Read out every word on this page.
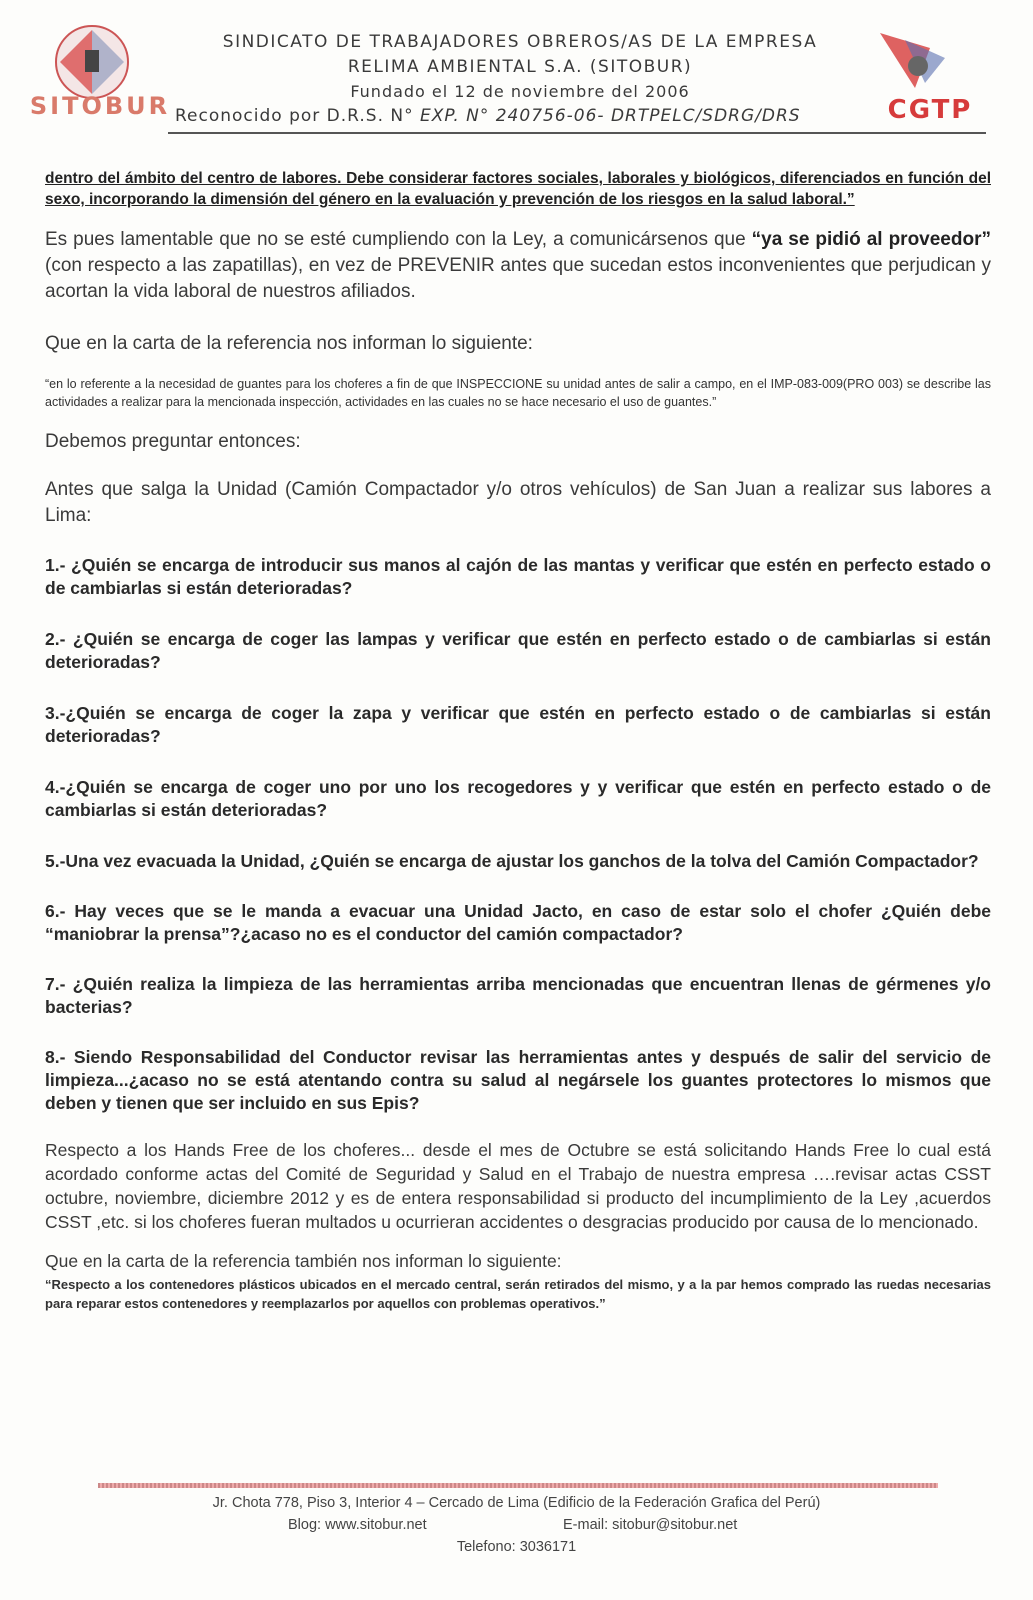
SITOBUR
SINDICATO DE TRABAJADORES OBREROS/AS DE LA EMPRESA
RELIMA AMBIENTAL S.A. (SITOBUR)
Fundado el 12 de noviembre del 2006
Reconocido por D.R.S. N° EXP. N° 240756-06- DRTPELC/SDRG/DRS	CGTP
dentro del ámbito del centro de labores. Debe considerar factores sociales, laborales y biológicos, diferenciados en función del sexo, incorporando la dimensión del género en la evaluación y prevención de los riesgos en la salud laboral.”
Es pues lamentable que no se esté cumpliendo con la Ley, a comunicársenos que “ya se pidió al proveedor” (con respecto a las zapatillas), en vez de PREVENIR antes que sucedan estos inconvenientes que perjudican y acortan la vida laboral de nuestros afiliados.
Que en la carta de la referencia nos informan lo siguiente:
“en lo referente a la necesidad de guantes para los choferes a fin de que INSPECCIONE su unidad antes de salir a campo, en el IMP-083-009(PRO 003) se describe las actividades a realizar para la mencionada inspección, actividades en las cuales no se hace necesario el uso de guantes.”
Debemos preguntar entonces:
Antes que salga la Unidad (Camión Compactador y/o otros vehículos) de San Juan a realizar sus labores a Lima:
1.- ¿Quién se encarga de introducir sus manos al cajón de las mantas y verificar que estén en perfecto estado o de cambiarlas si están deterioradas?
2.- ¿Quién se encarga de coger las lampas y verificar que estén en perfecto estado o de cambiarlas si están deterioradas?
3.-¿Quién se encarga de coger la zapa y verificar que estén en perfecto estado o de cambiarlas si están deterioradas?
4.-¿Quién se encarga de coger uno por uno los recogedores y y verificar que estén en perfecto estado o de cambiarlas si están deterioradas?
5.-Una vez evacuada la Unidad, ¿Quién se encarga de ajustar los ganchos de la tolva del Camión Compactador?
6.- Hay veces que se le manda a evacuar una Unidad Jacto, en caso de estar solo el chofer ¿Quién debe “maniobrar la prensa”?¿acaso no es el conductor del camión compactador?
7.- ¿Quién realiza la limpieza de las herramientas arriba mencionadas que encuentran llenas de gérmenes y/o bacterias?
8.- Siendo Responsabilidad del Conductor revisar las herramientas antes y después de salir del servicio de limpieza...¿acaso no se está atentando contra su salud al negársele los guantes protectores lo mismos que deben y tienen que ser incluido en sus Epis?
Respecto a los Hands Free de los choferes... desde el mes de Octubre se está solicitando Hands Free lo cual está acordado conforme actas del Comité de Seguridad y Salud en el Trabajo de nuestra empresa ….revisar actas CSST octubre, noviembre, diciembre 2012 y es de entera responsabilidad si producto del incumplimiento de la Ley ,acuerdos CSST ,etc. si los choferes fueran multados u ocurrieran accidentes o desgracias producido por causa de lo mencionado.
Que en la carta de la referencia también nos informan lo siguiente:
“Respecto a los contenedores plásticos ubicados en el mercado central, serán retirados del mismo, y a la par hemos comprado las ruedas necesarias para reparar estos contenedores y reemplazarlos por aquellos con problemas operativos.”
Jr. Chota 778, Piso 3, Interior 4 – Cercado de Lima (Edificio de la Federación Grafica del Perú)
Blog: www.sitobur.net	E-mail: sitobur@sitobur.net
Telefono: 3036171
